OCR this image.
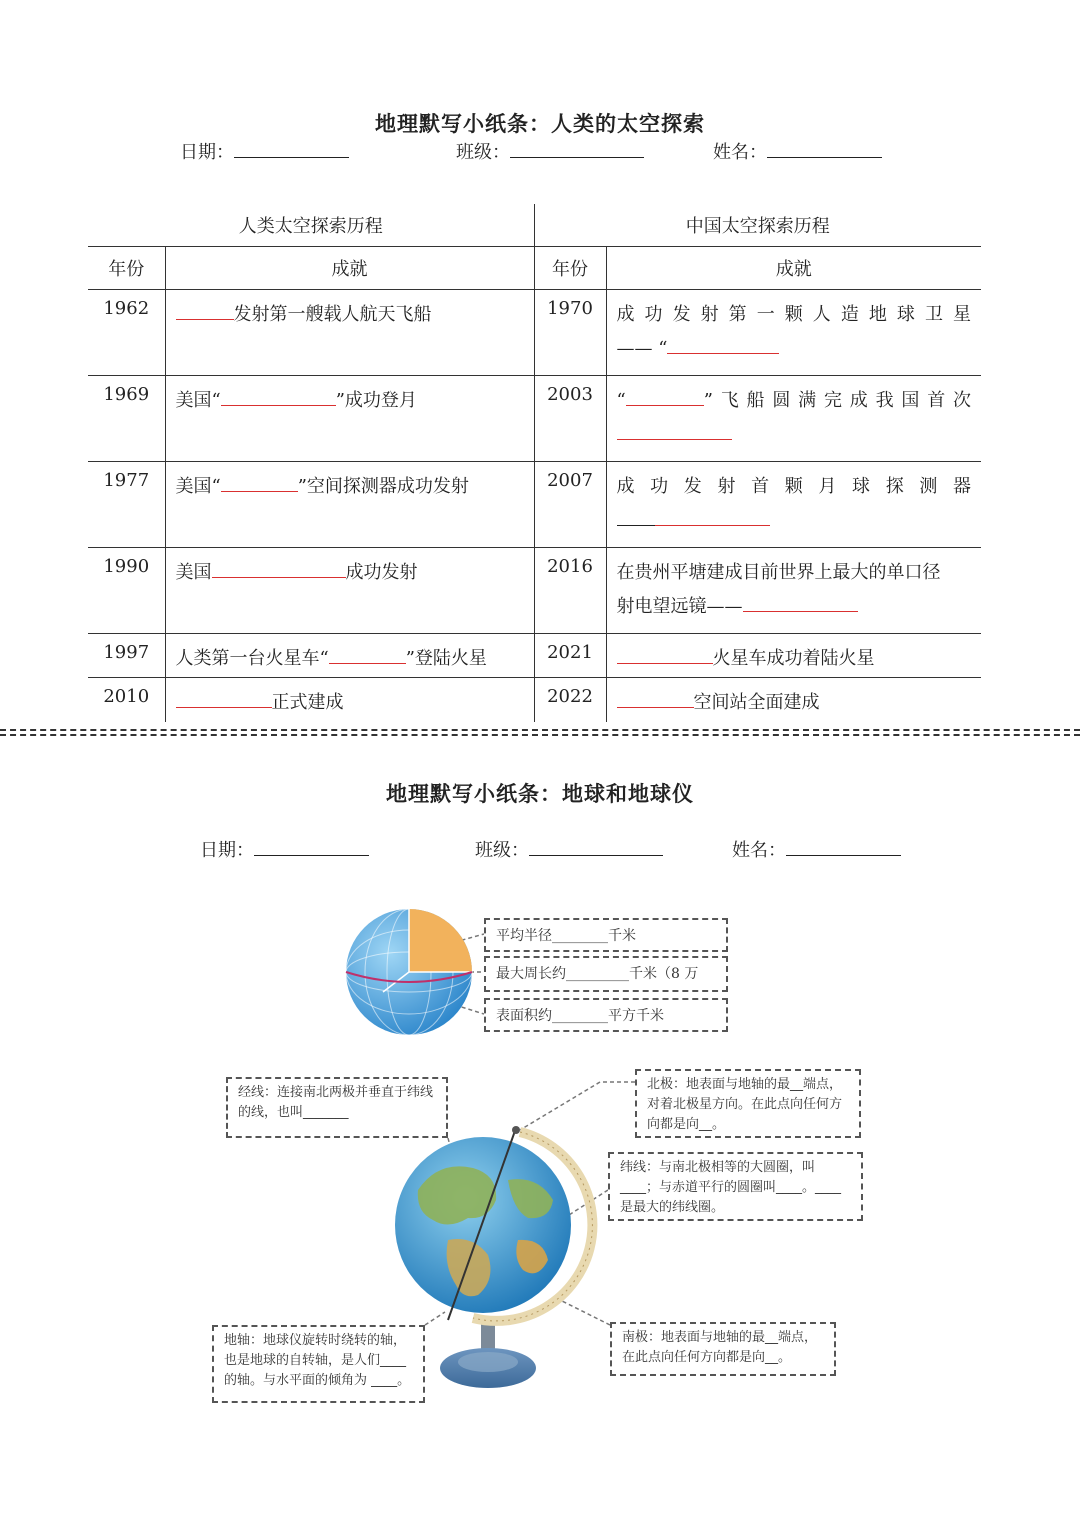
地理默写小纸条：人类的太空探索
日期：	班级：	姓名：
人类太空探索历程		中国太空探索历程	
年份	成就	年份	成就
1962	发射第一艘载人航天飞船	1970	成功发射第一颗人造地球卫星
—— “

1969	美国“ ”成功登月	2003	“ ”飞船圆满完成我国首次

1977	美国“ ”空间探测器成功发射	2007	成功发射首颗月球探测器

1990	美国 成功发射	2016	在贵州平塘建成目前世界上最大的单口径
射电望远镜——

1997	人类第一台火星车“ ”登陆火星	2021	火星车成功着陆火星
2010	正式建成	2022	空间站全面建成
地理默写小纸条：地球和地球仪
日期：	班级：	姓名：
平均半径________千米
最大周长约_________千米（8 万
表面积约________平方千米
经线：连接南北两极并垂直于纬线的线，也叫_______
北极：地表面与地轴的最__端点，对着北极星方向。在此点向任何方向都是向__。
纬线：与南北极相等的大圆圈，叫____；与赤道平行的圆圈叫____。____是最大的纬线圈。
地轴：地球仪旋转时绕转的轴，也是地球的自转轴，是人们____的轴。与水平面的倾角为 ____。
南极：地表面与地轴的最__端点，在此点向任何方向都是向__。
